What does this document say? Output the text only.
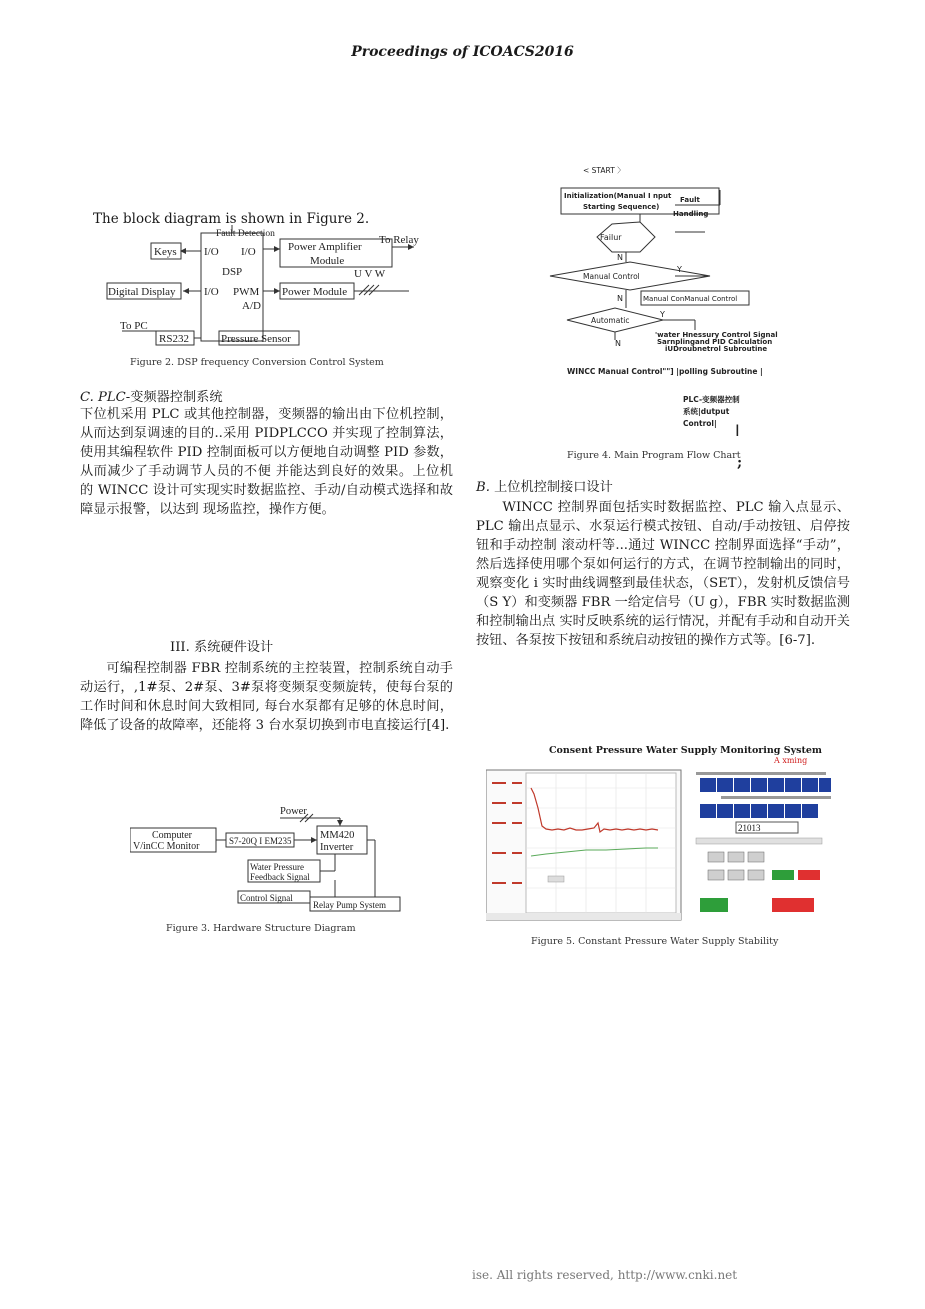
Proceedings of ICOACS2016
The block diagram is shown in Figure 2.
Fault Detection
Keys I/O I/O
DSP
I/O PWM
A/D
Power Amplifier
Module
To Relay
U V W
Digital Display	Power Module
To PC
RS232	Pressure Sensor
Figure 2. DSP frequency Conversion Control System
C. PLC-变频器控制系统

下位机采用 PLC 或其他控制器，变频器的输出由下位机控制，从而达到泵调速的目的..采用 PIDPLCCO 并实现了控制算法，使用其编程软件 PID 控制面板可以方便地自动调整 PID 参数，从而减少了手动调节人员的不便 并能达到良好的效果。上位机的 WINCC 设计可实现实时数据监控、手动/自动模式选择和故障显示报警，以达到 现场监控，操作方便。

III. 系统硬件设计

可编程控制器 FBR 控制系统的主控装置，控制系统自动手动运行，,1#泵、2#泵、3#泵将变频泵变频旋转，使每台泵的工作时间和休息时间大致相同, 每台水泵都有足够的休息时间，降低了设备的故障率，还能将 3 台水泵切换到市电直接运行[4].

Power
Computer
V/inCC Monitor	S7-20Q I EM235	MM420
Inverter
Water Pressure
Feedback Signal
Control Signal
Relay Pump System
Figure 3. Hardware Structure Diagram
< START 〉
Initialization(Manual I nput
Starting Sequence)
Fault
Handling
Failur
N
Manual Control
Y
N	Manual ConManual Control
Automatic
Y
N
'water Hnessury Control Signal
Sarnplingand PID Calculation
iUDroubnetrol Subroutine
WINCC Manual Control""] |polling Subroutine |
PLC-变频器控制
系统|dutput
Control| I
Figure 4. Main Program Flow Chart
;
B. 上位机控制接口设计

WINCC 控制界面包括实时数据监控、PLC 输入点显示、PLC 输出点显示、水泵运行模式按钮、自动/手动按钮、启停按钮和手动控制 滚动杆等...通过 WINCC 控制界面选择“手动”，然后选择使用哪个泵如何运行的方式，在调节控制输出的同时，观察变化 i 实时曲线调整到最佳状态，（SET），发射机反馈信号（S Y）和变频器 FBR 一给定信号（U g），FBR 实时数据监测和控制输出点 实时反映系统的运行情况，并配有手动和自动开关按钮、各泵按下按钮和系统启动按钮的操作方式等。[6-7].

Consent Pressure Water Supply Monitoring System
A xming
21013
Figure 5. Constant Pressure Water Supply Stability
ise. All rights reserved, http://www.cnki.net
